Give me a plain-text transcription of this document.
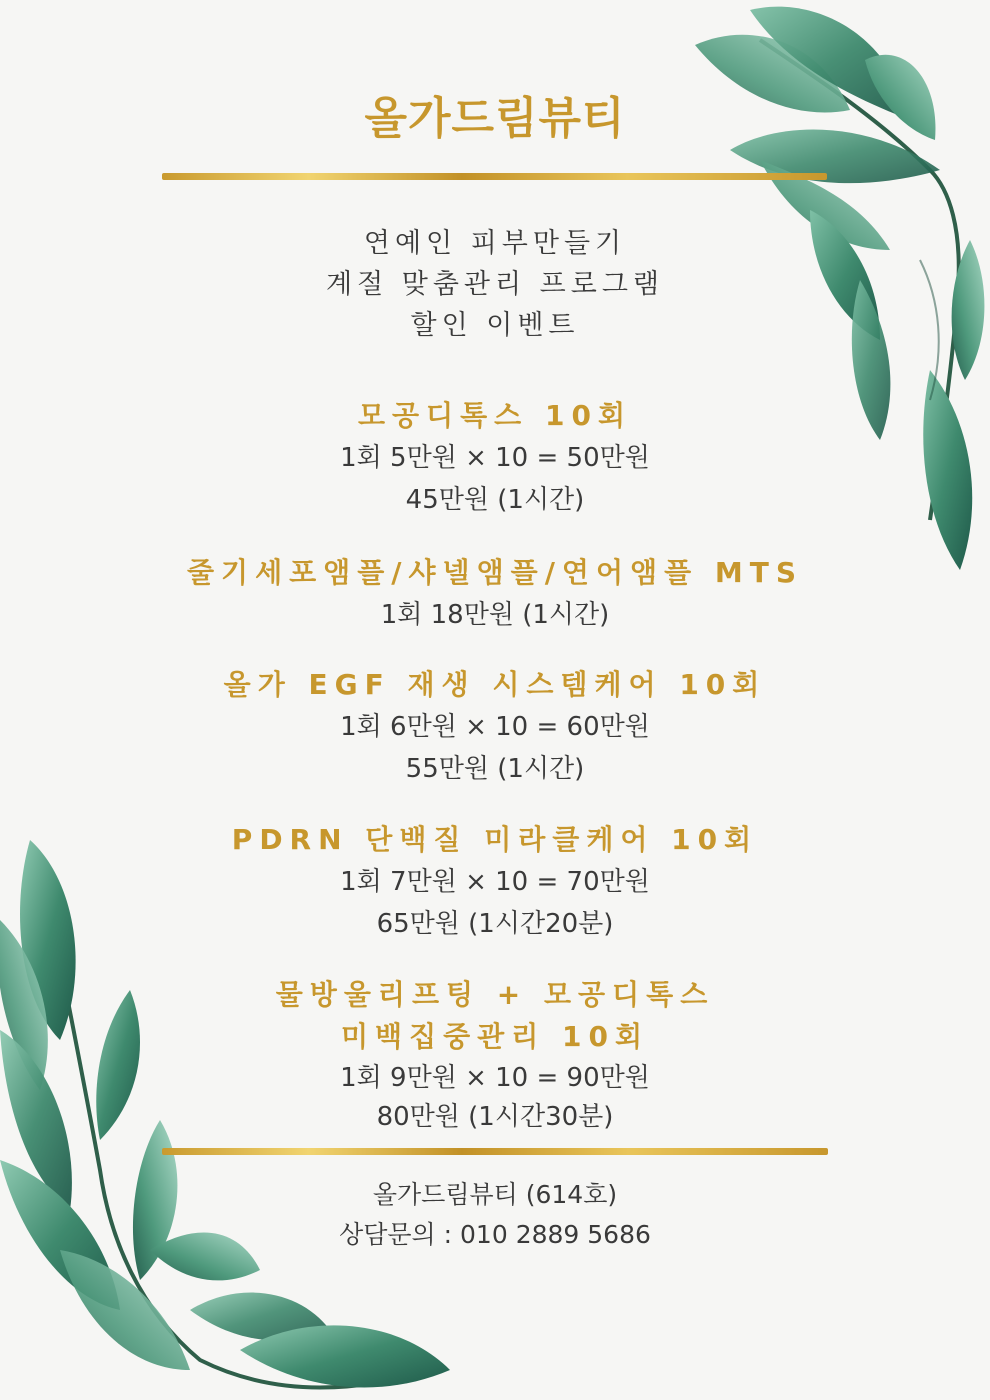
올가드림뷰티
연예인 피부만들기
계절 맞춤관리 프로그램
할인 이벤트
모공디톡스 10회
1회 5만원 × 10 = 50만원
45만원 (1시간)
줄기세포앰플/샤넬앰플/연어앰플 MTS
1회 18만원 (1시간)
올가 EGF 재생 시스템케어 10회
1회 6만원 × 10 = 60만원
55만원 (1시간)
PDRN 단백질 미라클케어 10회
1회 7만원 × 10 = 70만원
65만원 (1시간20분)
물방울리프팅 + 모공디톡스
미백집중관리 10회
1회 9만원 × 10 = 90만원
80만원 (1시간30분)
올가드림뷰티 (614호)
상담문의 : 010 2889 5686
